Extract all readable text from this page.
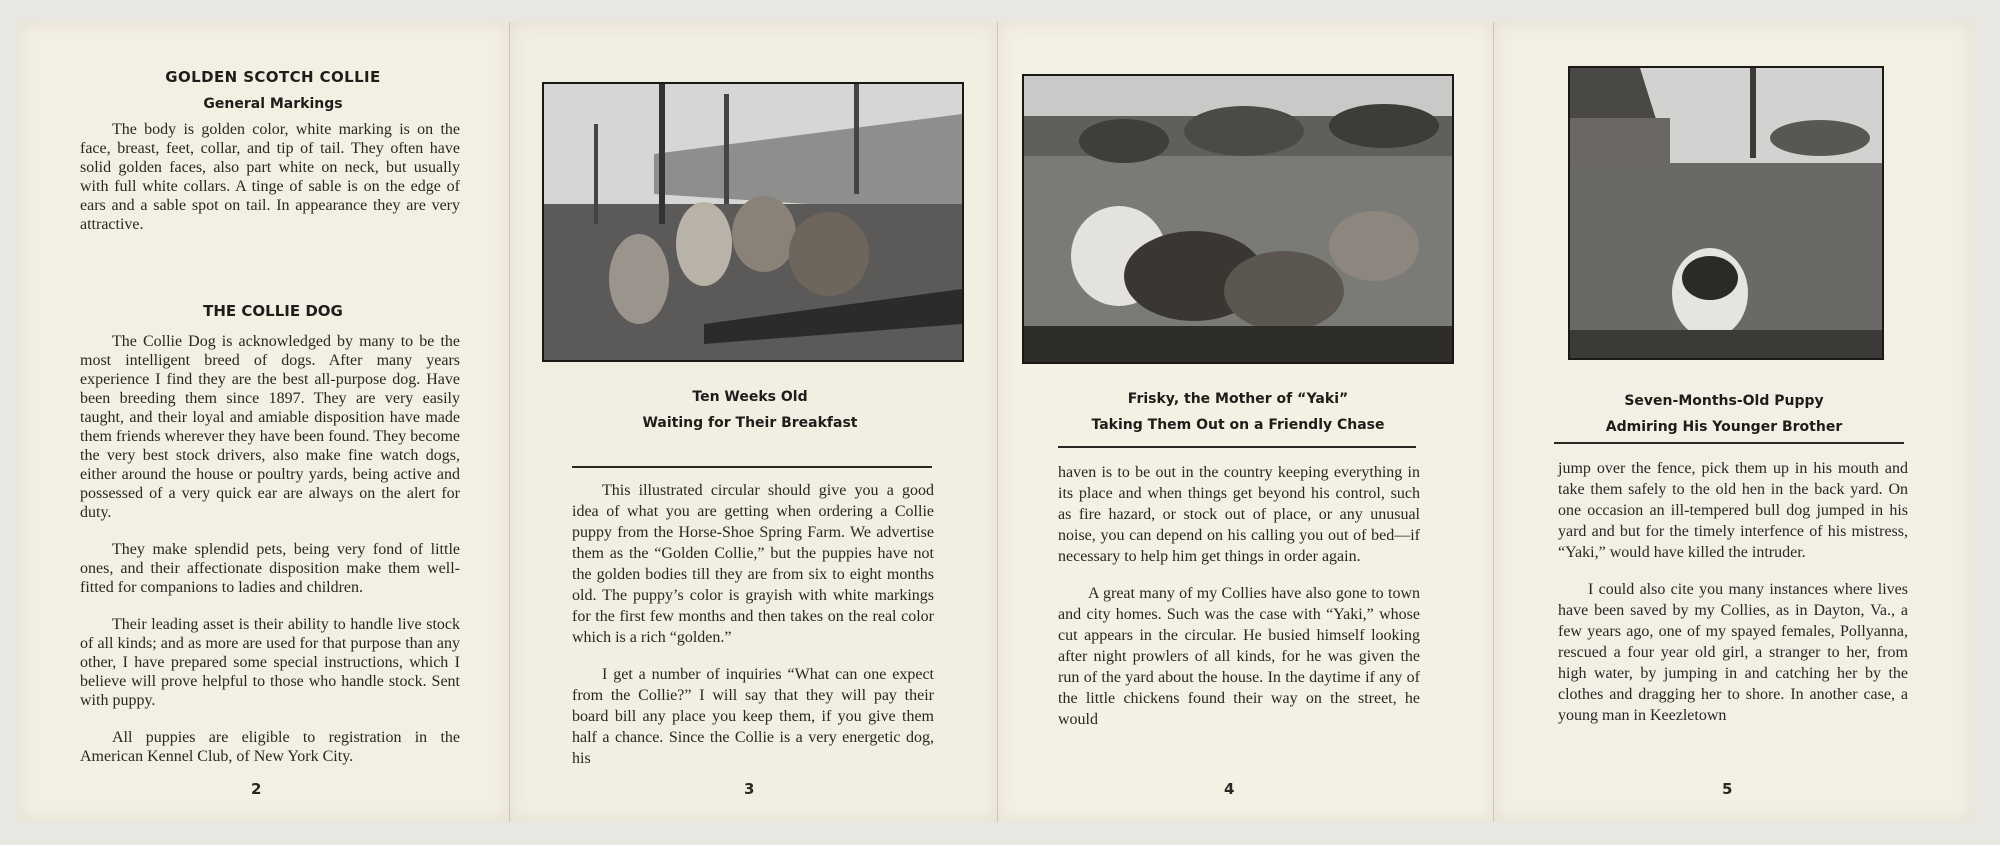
GOLDEN SCOTCH COLLIE
General Markings

The body is golden color, white marking is on the face, breast, feet, collar, and tip of tail. They often have solid golden faces, also part white on neck, but usually with full white collars. A tinge of sable is on the edge of ears and a sable spot on tail. In appearance they are very attractive.

THE COLLIE DOG

The Collie Dog is acknowledged by many to be the most intelligent breed of dogs. After many years experience I find they are the best all-purpose dog. Have been breeding them since 1897. They are very easily taught, and their loyal and amiable disposition have made them friends wherever they have been found. They become the very best stock drivers, also make fine watch dogs, either around the house or poultry yards, being active and possessed of a very quick ear are always on the alert for duty.

They make splendid pets, being very fond of little ones, and their affectionate disposition make them well-fitted for companions to ladies and children.

Their leading asset is their ability to handle live stock of all kinds; and as more are used for that purpose than any other, I have prepared some special instructions, which I believe will prove helpful to those who handle stock. Sent with puppy.

All puppies are eligible to registration in the American Kennel Club, of New York City.

2
Ten Weeks Old
Waiting for Their Breakfast

This illustrated circular should give you a good idea of what you are getting when ordering a Collie puppy from the Horse-Shoe Spring Farm. We advertise them as the “Golden Collie,” but the puppies have not the golden bodies till they are from six to eight months old. The puppy’s color is grayish with white markings for the first few months and then takes on the real color which is a rich “golden.”

I get a number of inquiries “What can one expect from the Collie?” I will say that they will pay their board bill any place you keep them, if you give them half a chance. Since the Collie is a very energetic dog, his

3
Frisky, the Mother of “Yaki”
Taking Them Out on a Friendly Chase

haven is to be out in the country keeping everything in its place and when things get beyond his control, such as fire hazard, or stock out of place, or any unusual noise, you can depend on his calling you out of bed—if necessary to help him get things in order again.

A great many of my Collies have also gone to town and city homes. Such was the case with “Yaki,” whose cut appears in the circular. He busied himself looking after night prowlers of all kinds, for he was given the run of the yard about the house. In the daytime if any of the little chickens found their way on the street, he would

4
Seven-Months-Old Puppy
Admiring His Younger Brother

jump over the fence, pick them up in his mouth and take them safely to the old hen in the back yard. On one occasion an ill-tempered bull dog jumped in his yard and but for the timely interfence of his mistress, “Yaki,” would have killed the intruder.

I could also cite you many instances where lives have been saved by my Collies, as in Dayton, Va., a few years ago, one of my spayed females, Pollyanna, rescued a four year old girl, a stranger to her, from high water, by jumping in and catching her by the clothes and dragging her to shore. In another case, a young man in Keezletown

5
